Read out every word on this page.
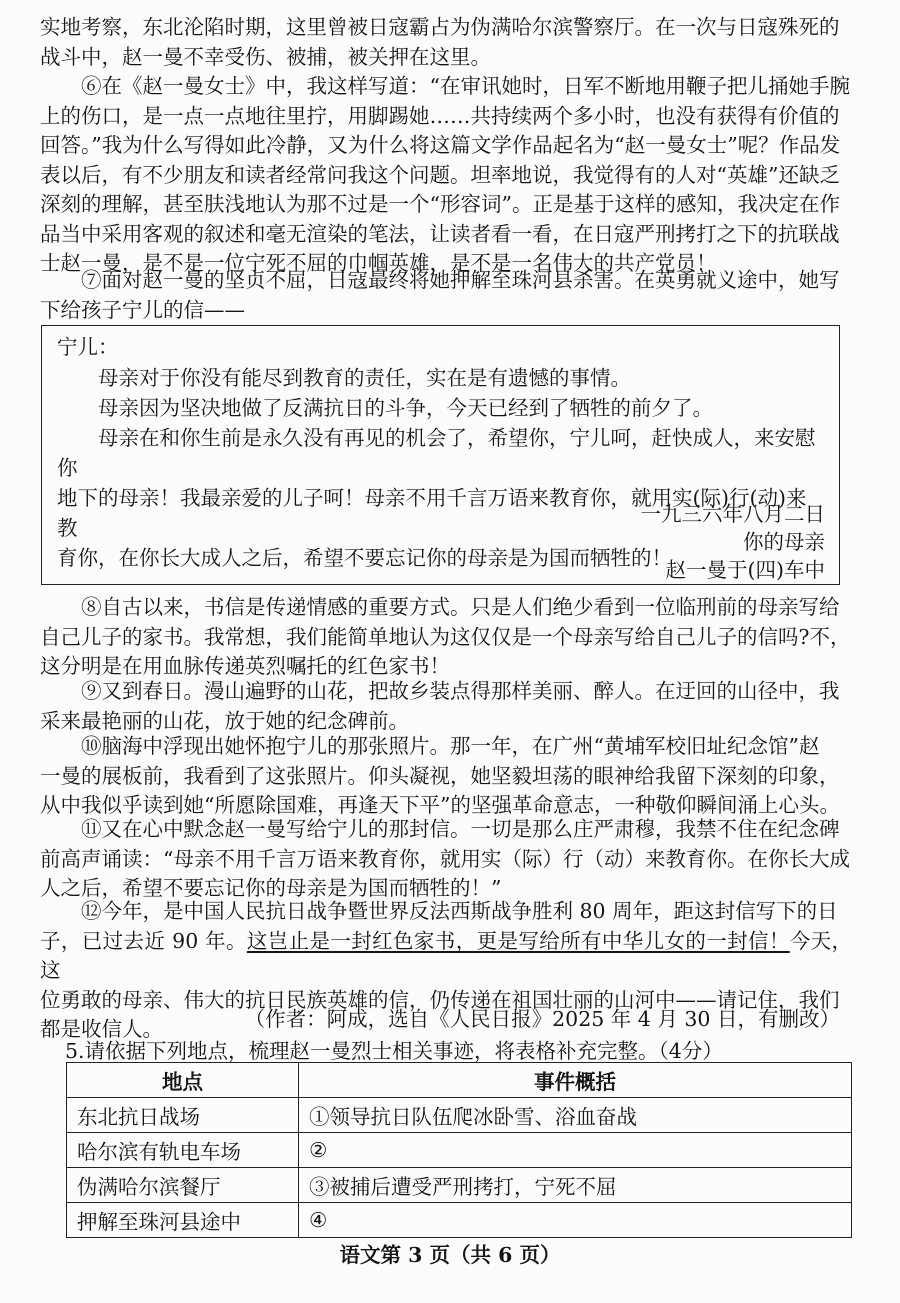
实地考察，东北沦陷时期，这里曾被日寇霸占为伪满哈尔滨警察厅。在一次与日寇殊死的
战斗中，赵一曼不幸受伤、被捕，被关押在这里。

⑥在《赵一曼女士》中，我这样写道：“在审讯她时，日军不断地用鞭子把儿捅她手腕
上的伤口，是一点一点地往里拧，用脚踢她……共持续两个多小时，也没有获得有价值的
回答。”我为什么写得如此冷静，又为什么将这篇文学作品起名为“赵一曼女士”呢？作品发
表以后，有不少朋友和读者经常问我这个问题。坦率地说，我觉得有的人对“英雄”还缺乏
深刻的理解，甚至肤浅地认为那不过是一个“形容词”。正是基于这样的感知，我决定在作
品当中采用客观的叙述和毫无渲染的笔法，让读者看一看，在日寇严刑拷打之下的抗联战
士赵一曼，是不是一位宁死不屈的巾帼英雄，是不是一名伟大的共产党员！

⑦面对赵一曼的坚贞不屈，日寇最终将她押解至珠河县杀害。在英勇就义途中，她写
下给孩子宁儿的信——

宁儿：
母亲对于你没有能尽到教育的责任，实在是有遗憾的事情。
母亲因为坚决地做了反满抗日的斗争，今天已经到了牺牲的前夕了。
母亲在和你生前是永久没有再见的机会了，希望你，宁儿呵，赶快成人，来安慰你
地下的母亲！我最亲爱的儿子呵！母亲不用千言万语来教育你，就用实(际)行(动)来教
育你，在你长大成人之后，希望不要忘记你的母亲是为国而牺牲的！
一九三六年八月二日
你的母亲
赵一曼于(四)车中

⑧自古以来，书信是传递情感的重要方式。只是人们绝少看到一位临刑前的母亲写给
自己儿子的家书。我常想，我们能简单地认为这仅仅是一个母亲写给自己儿子的信吗?不，
这分明是在用血脉传递英烈嘱托的红色家书！

⑨又到春日。漫山遍野的山花，把故乡装点得那样美丽、醉人。在迂回的山径中，我
采来最艳丽的山花，放于她的纪念碑前。

⑩脑海中浮现出她怀抱宁儿的那张照片。那一年，在广州“黄埔军校旧址纪念馆”赵
一曼的展板前，我看到了这张照片。仰头凝视，她坚毅坦荡的眼神给我留下深刻的印象，
从中我似乎读到她“所愿除国难，再逢天下平”的坚强革命意志，一种敬仰瞬间涌上心头。

⑪又在心中默念赵一曼写给宁儿的那封信。一切是那么庄严肃穆，我禁不住在纪念碑
前高声诵读：“母亲不用千言万语来教育你，就用实（际）行（动）来教育你。在你长大成
人之后，希望不要忘记你的母亲是为国而牺牲的！”

⑫今年，是中国人民抗日战争暨世界反法西斯战争胜利 80 周年，距这封信写下的日
子，已过去近 90 年。这岂止是一封红色家书，更是写给所有中华儿女的一封信！今天，这
位勇敢的母亲、伟大的抗日民族英雄的信，仍传递在祖国壮丽的山河中——请记住，我们
都是收信人。	（作者：阿成，选自《人民日报》2025 年 4 月 30 日，有删改）
5.请依据下列地点，梳理赵一曼烈士相关事迹，将表格补充完整。（4分）
地点	事件概括
东北抗日战场	①领导抗日队伍爬冰卧雪、浴血奋战
哈尔滨有轨电车场	②
伪满哈尔滨餐厅	③被捕后遭受严刑拷打，宁死不屈
押解至珠河县途中	④
语文第 3 页（共 6 页）
